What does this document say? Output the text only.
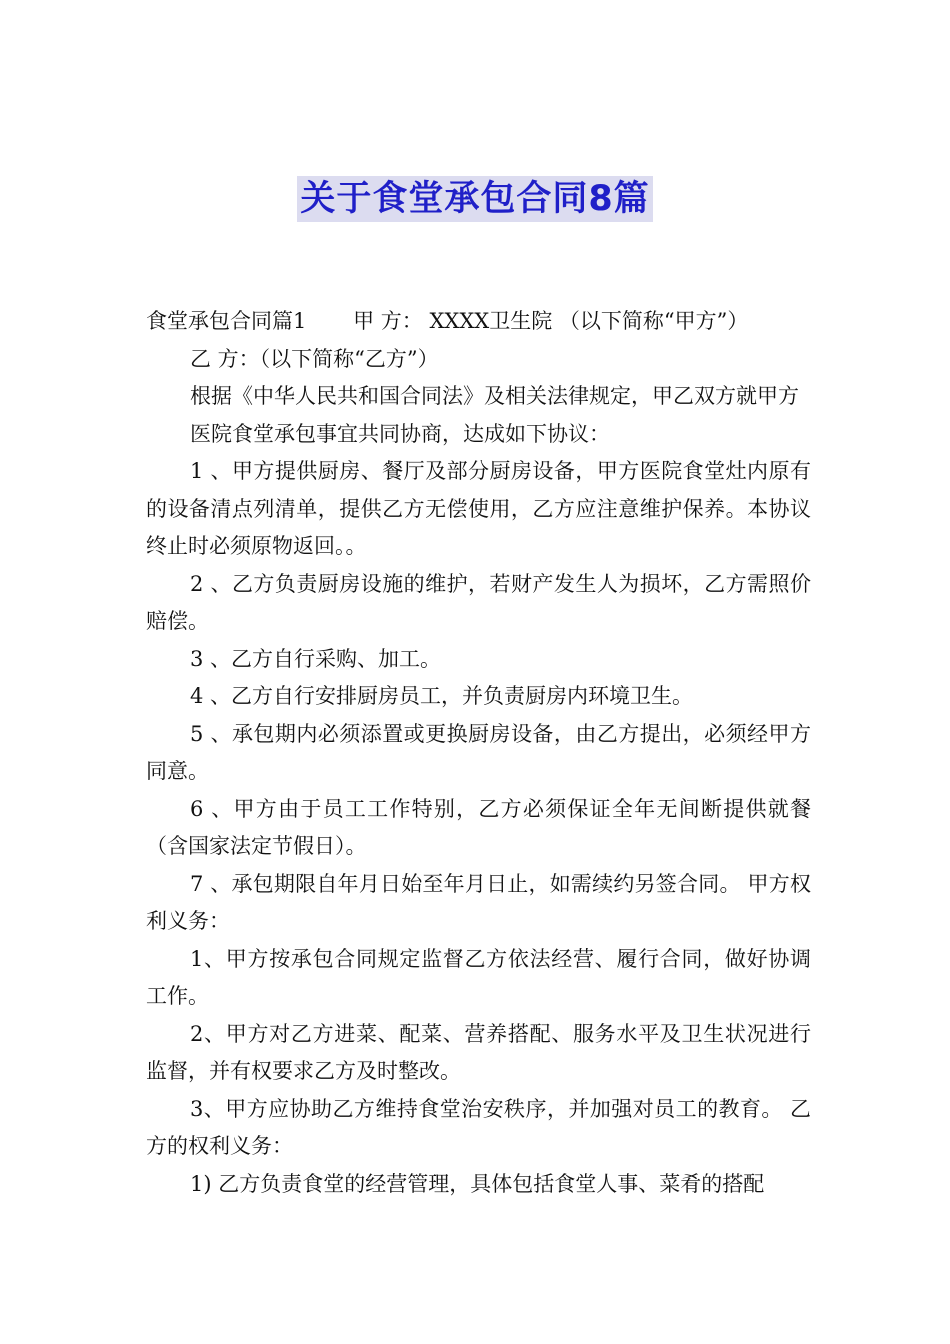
关于食堂承包合同8篇

食堂承包合同篇1       甲 方： XXXX卫生院 （以下简称“甲方”）

乙 方：（以下简称“乙方”）

根据《中华人民共和国合同法》及相关法律规定，甲乙双方就甲方

医院食堂承包事宜共同协商，达成如下协议：

1 、甲方提供厨房、餐厅及部分厨房设备，甲方医院食堂灶内原有的设备清点列清单，提供乙方无偿使用，乙方应注意维护保养。本协议终止时必须原物返回。。

2 、乙方负责厨房设施的维护，若财产发生人为损坏，乙方需照价赔偿。

3 、乙方自行采购、加工。

4 、乙方自行安排厨房员工，并负责厨房内环境卫生。

5 、承包期内必须添置或更换厨房设备，由乙方提出，必须经甲方同意。

6 、甲方由于员工工作特别，乙方必须保证全年无间断提供就餐（含国家法定节假日）。

7 、承包期限自年月日始至年月日止，如需续约另签合同。 甲方权利义务：

1、甲方按承包合同规定监督乙方依法经营、履行合同，做好协调工作。

2、甲方对乙方进菜、配菜、营养搭配、服务水平及卫生状况进行监督，并有权要求乙方及时整改。

3、甲方应协助乙方维持食堂治安秩序，并加强对员工的教育。 乙方的权利义务：

1) 乙方负责食堂的经营管理，具体包括食堂人事、菜肴的搭配
